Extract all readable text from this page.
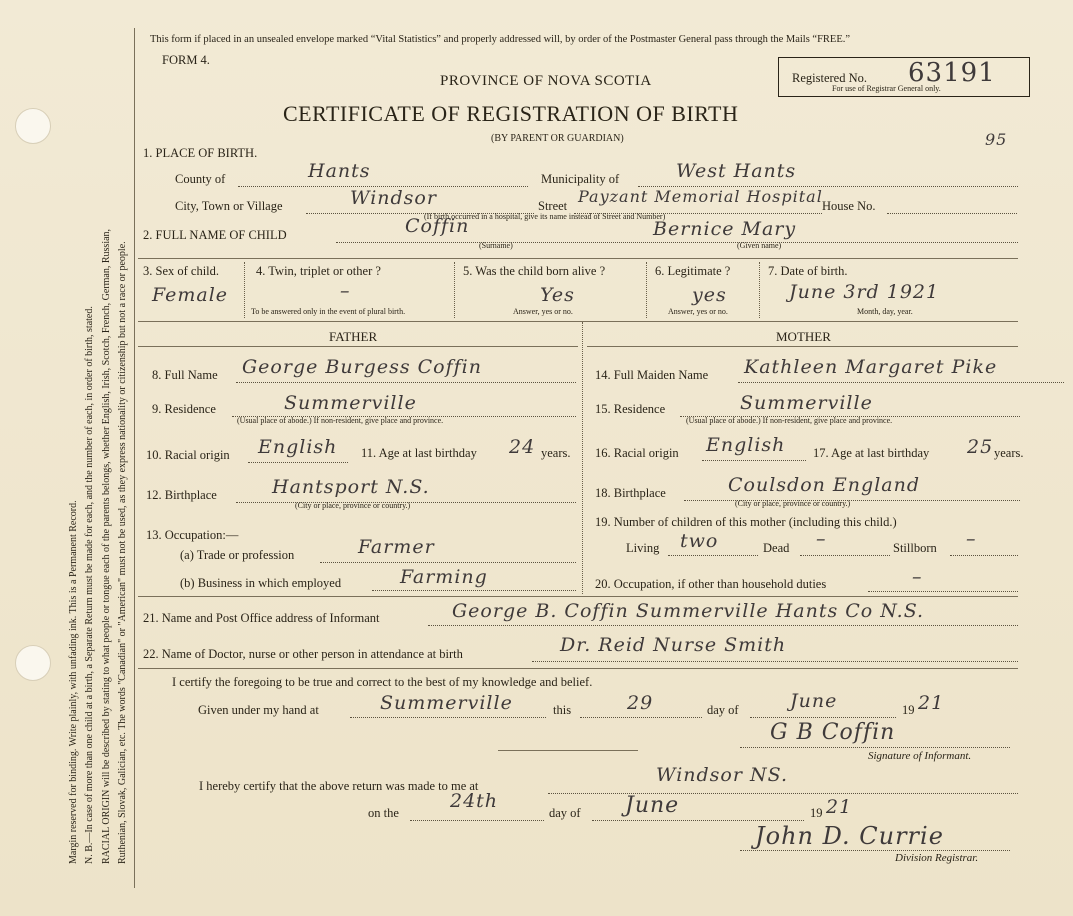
Margin reserved for binding. Write plainly, with unfading ink. This is a Permanent Record. N. B.—In case of more than one child at a birth, a Separate Return must be made for each, and the number of each, in order of birth, stated. RACIAL ORIGIN will be described by stating to what people or tongue each of the parents belongs, whether English, Irish, Scotch, French, German, Russian, Ruthenian, Slovak, Galician, etc. The words "Canadian" or "American" must not be used, as they express nationality or citizenship but not a race or people.
This form if placed in an unsealed envelope marked “Vital Statistics” and properly addressed will, by order of the Postmaster General pass through the Mails “FREE.”
FORM 4.
PROVINCE OF NOVA SCOTIA
CERTIFICATE OF REGISTRATION OF BIRTH
(BY PARENT OR GUARDIAN)
Registered No. 63191
For use of Registrar General only.
95
1. PLACE OF BIRTH.
County of	Hants	Municipality of	West Hants
City, Town or Village	Windsor	Street Payzant Memorial Hospital House No.
(If birth occurred in a hospital, give its name instead of Street and Number)
2. FULL NAME OF CHILD	Coffin
(Surname)
Bernice Mary
(Given name)
3. Sex of child.
Female
4. Twin, triplet or other ?
–
To be answered only in the event of plural birth.
5. Was the child born alive ?
Yes
Answer, yes or no.
6. Legitimate ?
yes
Answer, yes or no.
7. Date of birth.
June 3rd 1921
Month, day, year.
FATHER	MOTHER
8. Full Name George Burgess Coffin
9. Residence	Summerville
(Usual place of abode.) If non-resident, give place and province.
10. Racial origin English 11. Age at last birthday 24 years.
12. Birthplace	Hantsport N.S.
(City or place, province or country.)
13. Occupation:—
(a) Trade or profession	Farmer
(b) Business in which employed	Farming
14. Full Maiden Name Kathleen Margaret Pike
15. Residence	Summerville
(Usual place of abode.) If non-resident, give place and province.
16. Racial origin English 17. Age at last birthday 25 years.
18. Birthplace	Coulsdon England
(City or place, province or country.)
19. Number of children of this mother (including this child.)
Living two	Dead –	Stillborn –
20. Occupation, if other than household duties	–
21. Name and Post Office address of Informant	George B. Coffin Summerville Hants Co N.S.
22. Name of Doctor, nurse or other person in attendance at birth	Dr. Reid Nurse Smith
I certify the foregoing to be true and correct to the best of my knowledge and belief.
Given under my hand at	Summerville	this	29	day of	June	19 21
G B Coffin
Signature of Informant.
I hereby certify that the above return was made to me at	Windsor NS.
on the
24th
day of June	19 21
John D. Currie
Division Registrar.
